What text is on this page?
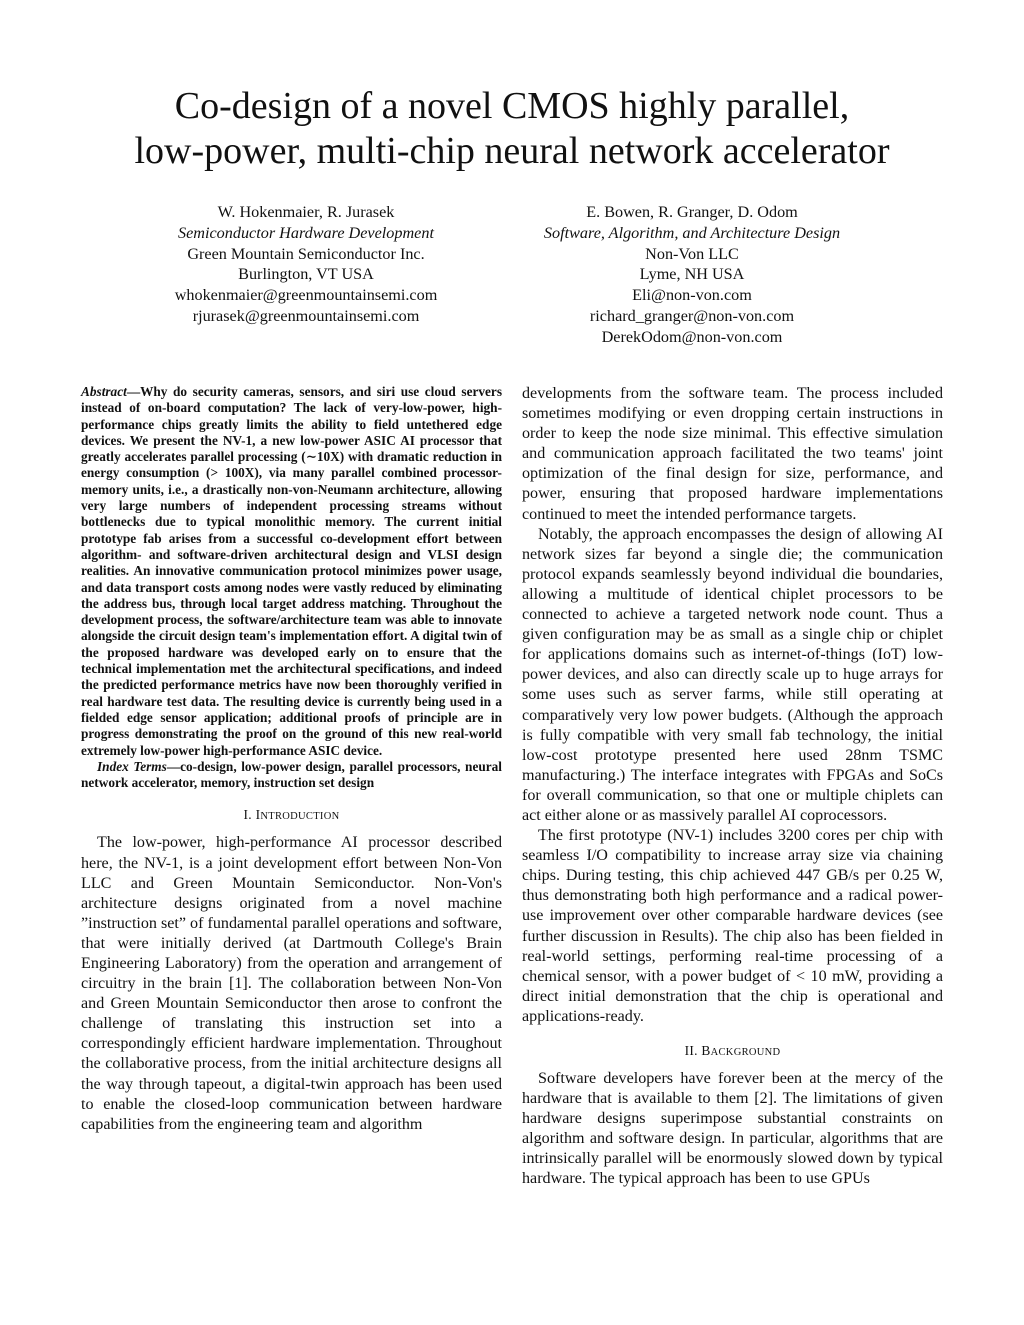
Co-design of a novel CMOS highly parallel,
low-power, multi-chip neural network accelerator
W. Hokenmaier, R. Jurasek
Semiconductor Hardware Development
Green Mountain Semiconductor Inc.
Burlington, VT USA
whokenmaier@greenmountainsemi.com
rjurasek@greenmountainsemi.com
E. Bowen, R. Granger, D. Odom
Software, Algorithm, and Architecture Design
Non-Von LLC
Lyme, NH USA
Eli@non-von.com
richard_granger@non-von.com
DerekOdom@non-von.com

Abstract—Why do security cameras, sensors, and siri use cloud servers instead of on-board computation? The lack of very-low-power, high-performance chips greatly limits the ability to field untethered edge devices. We present the NV-1, a new low-power ASIC AI processor that greatly accelerates parallel processing (∼10X) with dramatic reduction in energy consumption (> 100X), via many parallel combined processor-memory units, i.e., a drastically non-von-Neumann architecture, allowing very large numbers of independent processing streams without bottlenecks due to typical monolithic memory. The current initial prototype fab arises from a successful co-development effort between algorithm- and software-driven architectural design and VLSI design realities. An innovative communication protocol minimizes power usage, and data transport costs among nodes were vastly reduced by eliminating the address bus, through local target address matching. Throughout the development process, the software/architecture team was able to innovate alongside the circuit design team's implementation effort. A digital twin of the proposed hardware was developed early on to ensure that the technical implementation met the architectural specifications, and indeed the predicted performance metrics have now been thoroughly verified in real hardware test data. The resulting device is currently being used in a fielded edge sensor application; additional proofs of principle are in progress demonstrating the proof on the ground of this new real-world extremely low-power high-performance ASIC device.

Index Terms—co-design, low-power design, parallel processors, neural network accelerator, memory, instruction set design

I. INTRODUCTION

The low-power, high-performance AI processor described here, the NV-1, is a joint development effort between Non-Von LLC and Green Mountain Semiconductor. Non-Von's architecture designs originated from a novel machine ”instruction set” of fundamental parallel operations and software, that were initially derived (at Dartmouth College's Brain Engineering Laboratory) from the operation and arrangement of circuitry in the brain [1]. The collaboration between Non-Von and Green Mountain Semiconductor then arose to confront the challenge of translating this instruction set into a correspondingly efficient hardware implementation. Throughout the collaborative process, from the initial architecture designs all the way through tapeout, a digital-twin approach has been used to enable the closed-loop communication between hardware capabilities from the engineering team and algorithm

developments from the software team. The process included sometimes modifying or even dropping certain instructions in order to keep the node size minimal. This effective simulation and communication approach facilitated the two teams' joint optimization of the final design for size, performance, and power, ensuring that proposed hardware implementations continued to meet the intended performance targets.

Notably, the approach encompasses the design of allowing AI network sizes far beyond a single die; the communication protocol expands seamlessly beyond individual die boundaries, allowing a multitude of identical chiplet processors to be connected to achieve a targeted network node count. Thus a given configuration may be as small as a single chip or chiplet for applications domains such as internet-of-things (IoT) low-power devices, and also can directly scale up to huge arrays for some uses such as server farms, while still operating at comparatively very low power budgets. (Although the approach is fully compatible with very small fab technology, the initial low-cost prototype presented here used 28nm TSMC manufacturing.) The interface integrates with FPGAs and SoCs for overall communication, so that one or multiple chiplets can act either alone or as massively parallel AI coprocessors.

The first prototype (NV-1) includes 3200 cores per chip with seamless I/O compatibility to increase array size via chaining chips. During testing, this chip achieved 447 GB/s per 0.25 W, thus demonstrating both high performance and a radical power-use improvement over other comparable hardware devices (see further discussion in Results). The chip also has been fielded in real-world settings, performing real-time processing of a chemical sensor, with a power budget of < 10 mW, providing a direct initial demonstration that the chip is operational and applications-ready.

II. BACKGROUND

Software developers have forever been at the mercy of the hardware that is available to them [2]. The limitations of given hardware designs superimpose substantial constraints on algorithm and software design. In particular, algorithms that are intrinsically parallel will be enormously slowed down by typical hardware. The typical approach has been to use GPUs
